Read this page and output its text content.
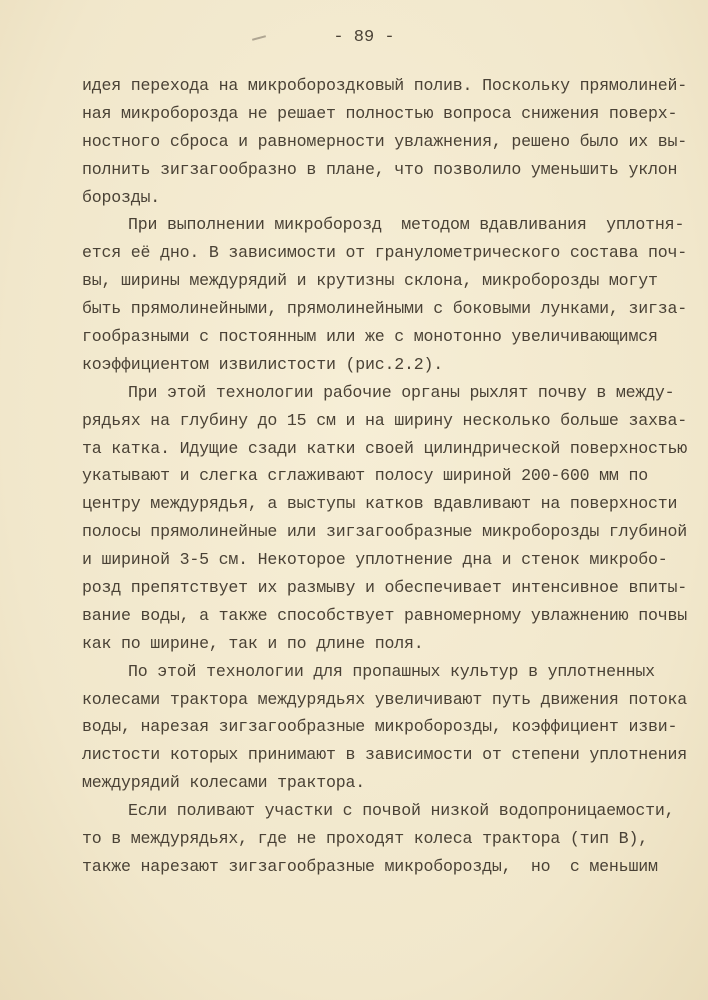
- 89 -
идея перехода на микробороздковый полив. Поскольку прямолиней-
ная микроборозда не решает полностью вопроса снижения поверх-
ностного сброса и равномерности увлажнения, решено было их вы-
полнить зигзагообразно в плане, что позволило уменьшить уклон
борозды.
При выполнении микроборозд  методом вдавливания  уплотня-
ется её дно. В зависимости от гранулометрического состава поч-
вы, ширины междурядий и крутизны склона, микроборозды могут
быть прямолинейными, прямолинейными с боковыми лунками, зигза-
гообразными с постоянным или же с монотонно увеличивающимся
коэффициентом извилистости (рис.2.2).
При этой технологии рабочие органы рыхлят почву в между-
рядьях на глубину до 15 см и на ширину несколько больше захва-
та катка. Идущие сзади катки своей цилиндрической поверхностью
укатывают и слегка сглаживают полосу шириной 200-600 мм по
центру междурядья, а выступы катков вдавливают на поверхности
полосы прямолинейные или зигзагообразные микроборозды глубиной
и шириной 3-5 см. Некоторое уплотнение дна и стенок микробо-
розд препятствует их размыву и обеспечивает интенсивное впиты-
вание воды, а также способствует равномерному увлажнению почвы
как по ширине, так и по длине поля.
По этой технологии для пропашных культур в уплотненных
колесами трактора междурядьях увеличивают путь движения потока
воды, нарезая зигзагообразные микроборозды, коэффициент изви-
листости которых принимают в зависимости от степени уплотнения
междурядий колесами трактора.
Если поливают участки с почвой низкой водопроницаемости,
то в междурядьях, где не проходят колеса трактора (тип В),
также нарезают зигзагообразные микроборозды,  но  с меньшим
